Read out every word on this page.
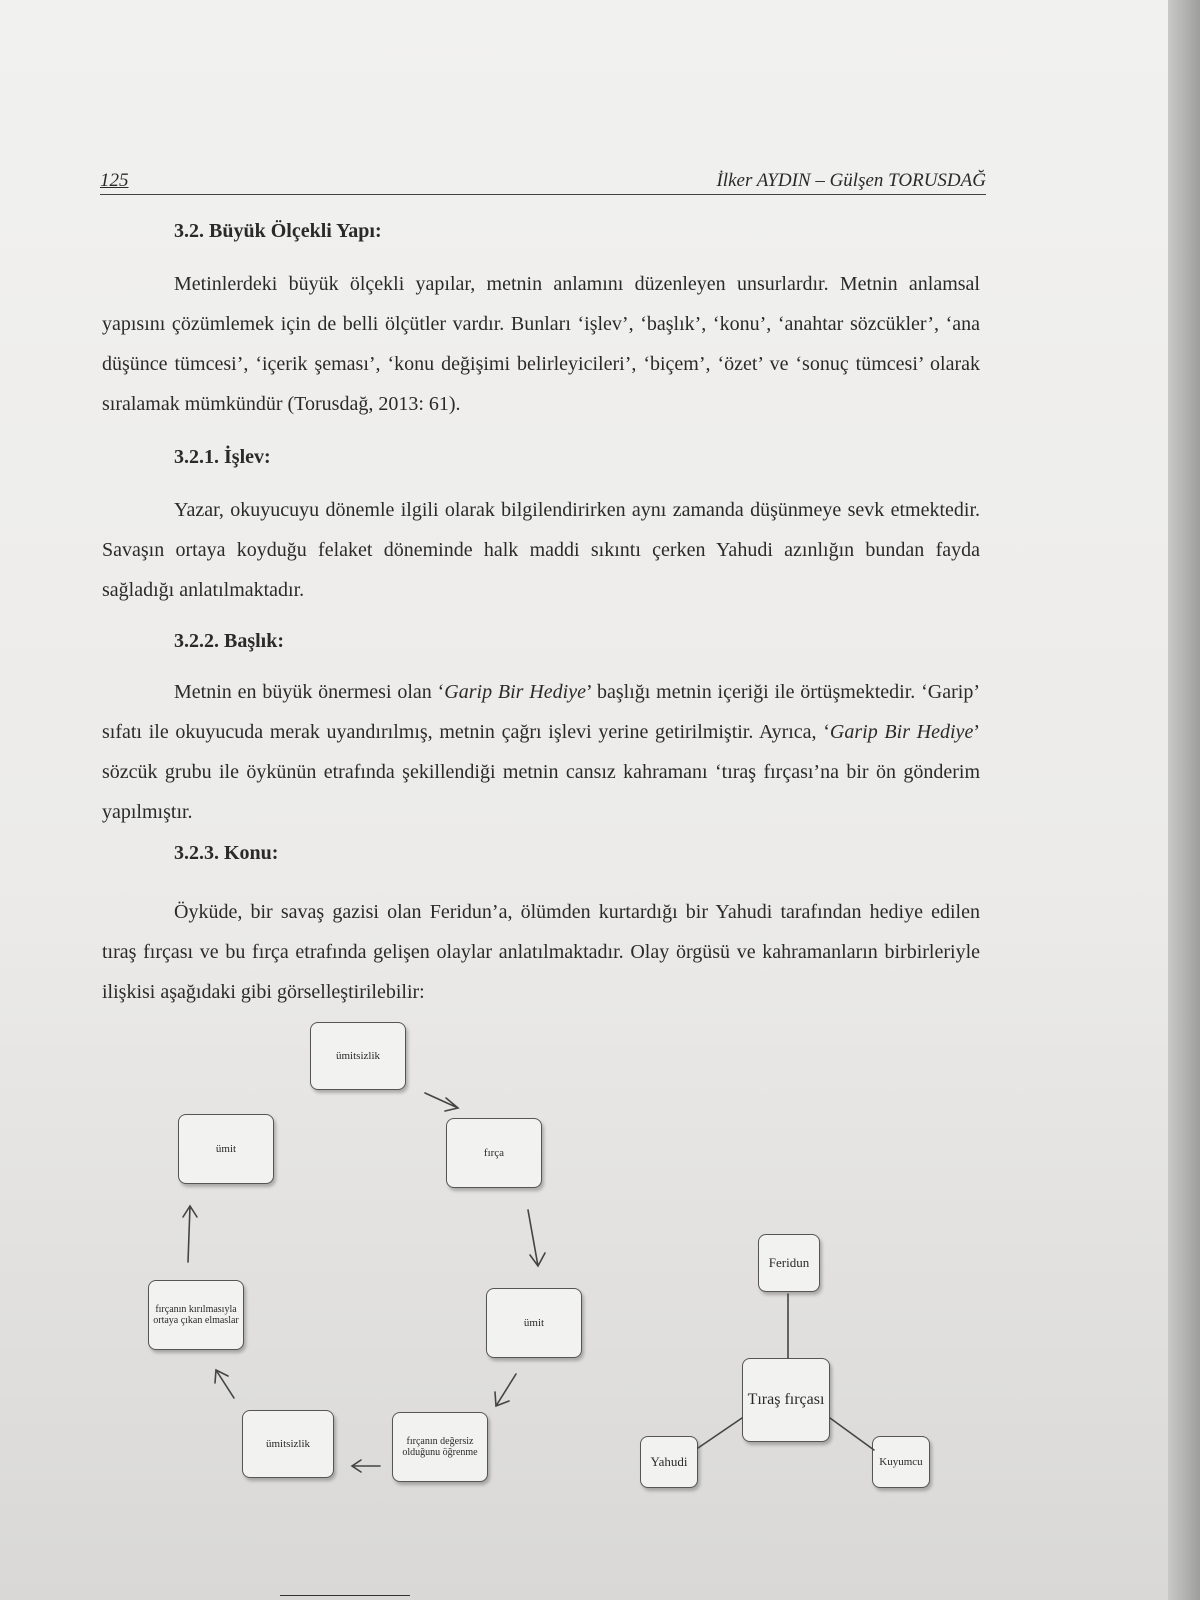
125	İlker AYDIN – Gülşen TORUSDAĞ
3.2. Büyük Ölçekli Yapı:

Metinlerdeki büyük ölçekli yapılar, metnin anlamını düzenleyen unsurlardır. Metnin anlamsal yapısını çözümlemek için de belli ölçütler vardır. Bunları ‘işlev’, ‘başlık’, ‘konu’, ‘anahtar sözcükler’, ‘ana düşünce tümcesi’, ‘içerik şeması’, ‘konu değişimi belirleyicileri’, ‘biçem’, ‘özet’ ve ‘sonuç tümcesi’ olarak sıralamak mümkündür (Torusdağ, 2013: 61).

3.2.1. İşlev:

Yazar, okuyucuyu dönemle ilgili olarak bilgilendirirken aynı zamanda düşünmeye sevk etmektedir. Savaşın ortaya koyduğu felaket döneminde halk maddi sıkıntı çerken Yahudi azınlığın bundan fayda sağladığı anlatılmaktadır.

3.2.2. Başlık:

Metnin en büyük önermesi olan ‘Garip Bir Hediye’ başlığı metnin içeriği ile örtüşmektedir. ‘Garip’ sıfatı ile okuyucuda merak uyandırılmış, metnin çağrı işlevi yerine getirilmiştir. Ayrıca, ‘Garip Bir Hediye’ sözcük grubu ile öykünün etrafında şekillendiği metnin cansız kahramanı ‘tıraş fırçası’na bir ön gönderim yapılmıştır.

3.2.3. Konu:

Öyküde, bir savaş gazisi olan Feridun’a, ölümden kurtardığı bir Yahudi tarafından hediye edilen tıraş fırçası ve bu fırça etrafında gelişen olaylar anlatılmaktadır. Olay örgüsü ve kahramanların birbirleriyle ilişkisi aşağıdaki gibi görselleştirilebilir:

ümitsizlik
fırça
ümit
fırçanın değersiz olduğunu öğrenme
ümitsizlik
fırçanın kırılmasıyla ortaya çıkan elmaslar
ümit
Feridun
Tıraş fırçası
Yahudi	Kuyumcu
